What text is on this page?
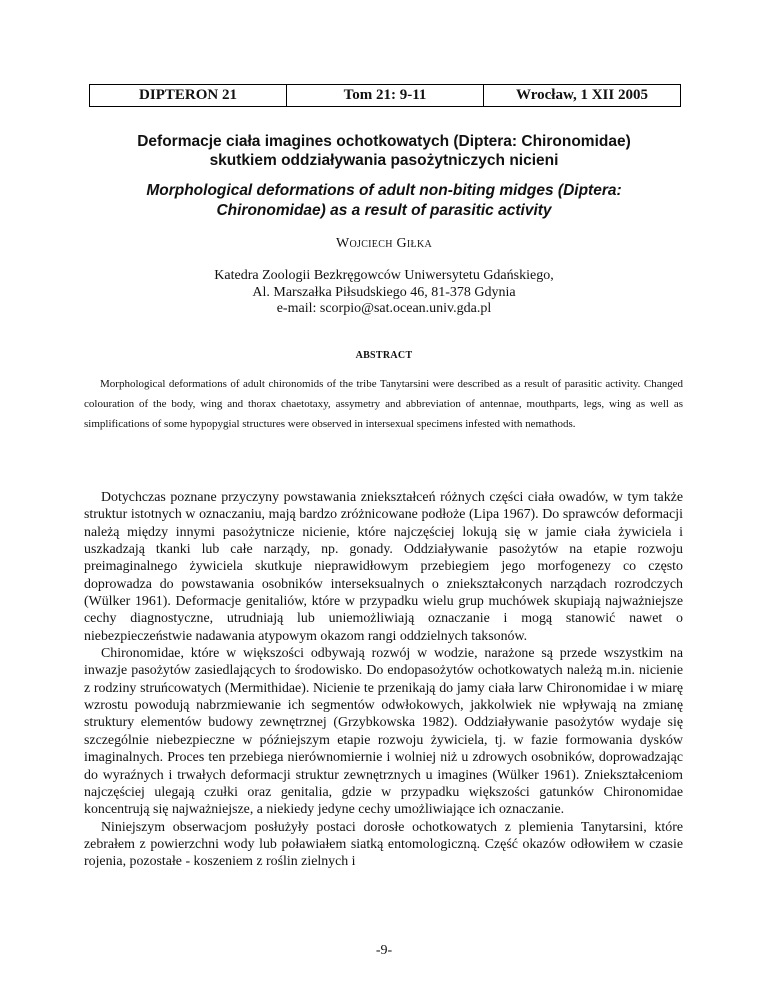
DIPTERON 21	Tom 21: 9-11	Wrocław, 1 XII 2005
Deformacje ciała imagines ochotkowatych (Diptera: Chironomidae)
skutkiem oddziaływania pasożytniczych nicieni
Morphological deformations of adult non-biting midges (Diptera:
Chironomidae) as a result of parasitic activity
Wojciech Giłka
Katedra Zoologii Bezkręgowców Uniwersytetu Gdańskiego,
Al. Marszałka Piłsudskiego 46, 81-378 Gdynia
e-mail: scorpio@sat.ocean.univ.gda.pl
ABSTRACT
Morphological deformations of adult chironomids of the tribe Tanytarsini were described as a result of parasitic activity. Changed colouration of the body, wing and thorax chaetotaxy, assymetry and abbreviation of antennae, mouthparts, legs, wing as well as simplifications of some hypopygial structures were observed in intersexual specimens infested with nemathods.

Dotychczas poznane przyczyny powstawania zniekształceń różnych części ciała owadów, w tym także struktur istotnych w oznaczaniu, mają bardzo zróżnicowane podłoże (Lipa 1967). Do sprawców deformacji należą między innymi pasożytnicze nicienie, które najczęściej lokują się w jamie ciała żywiciela i uszkadzają tkanki lub całe narządy, np. gonady. Oddziaływanie pasożytów na etapie rozwoju preimaginalnego żywiciela skutkuje nieprawidłowym przebiegiem jego morfogenezy co często doprowadza do powstawania osobników interseksualnych o zniekształconych narządach rozrodczych (Wülker 1961). Deformacje genitaliów, które w przypadku wielu grup muchówek skupiają najważniejsze cechy diagnostyczne, utrudniają lub uniemożliwiają oznaczanie i mogą stanowić nawet o niebezpieczeństwie nadawania atypowym okazom rangi oddzielnych taksonów.

Chironomidae, które w większości odbywają rozwój w wodzie, narażone są przede wszystkim na inwazje pasożytów zasiedlających to środowisko. Do endopasożytów ochotkowatych należą m.in. nicienie z rodziny struńcowatych (Mermithidae). Nicienie te przenikają do jamy ciała larw Chironomidae i w miarę wzrostu powodują nabrzmiewanie ich segmentów odwłokowych, jakkolwiek nie wpływają na zmianę struktury elementów budowy zewnętrznej (Grzybkowska 1982). Oddziaływanie pasożytów wydaje się szczególnie niebezpieczne w późniejszym etapie rozwoju żywiciela, tj. w fazie formowania dysków imaginalnych. Proces ten przebiega nierównomiernie i wolniej niż u zdrowych osobników, doprowadzając do wyraźnych i trwałych deformacji struktur zewnętrznych u imagines (Wülker 1961). Zniekształceniom najczęściej ulegają czułki oraz genitalia, gdzie w przypadku większości gatunków Chironomidae koncentrują się najważniejsze, a niekiedy jedyne cechy umożliwiające ich oznaczanie.

Niniejszym obserwacjom posłużyły postaci dorosłe ochotkowatych z plemienia Tanytarsini, które zebrałem z powierzchni wody lub poławiałem siatką entomologiczną. Część okazów odłowiłem w czasie rojenia, pozostałe - koszeniem z roślin zielnych i

-9-
